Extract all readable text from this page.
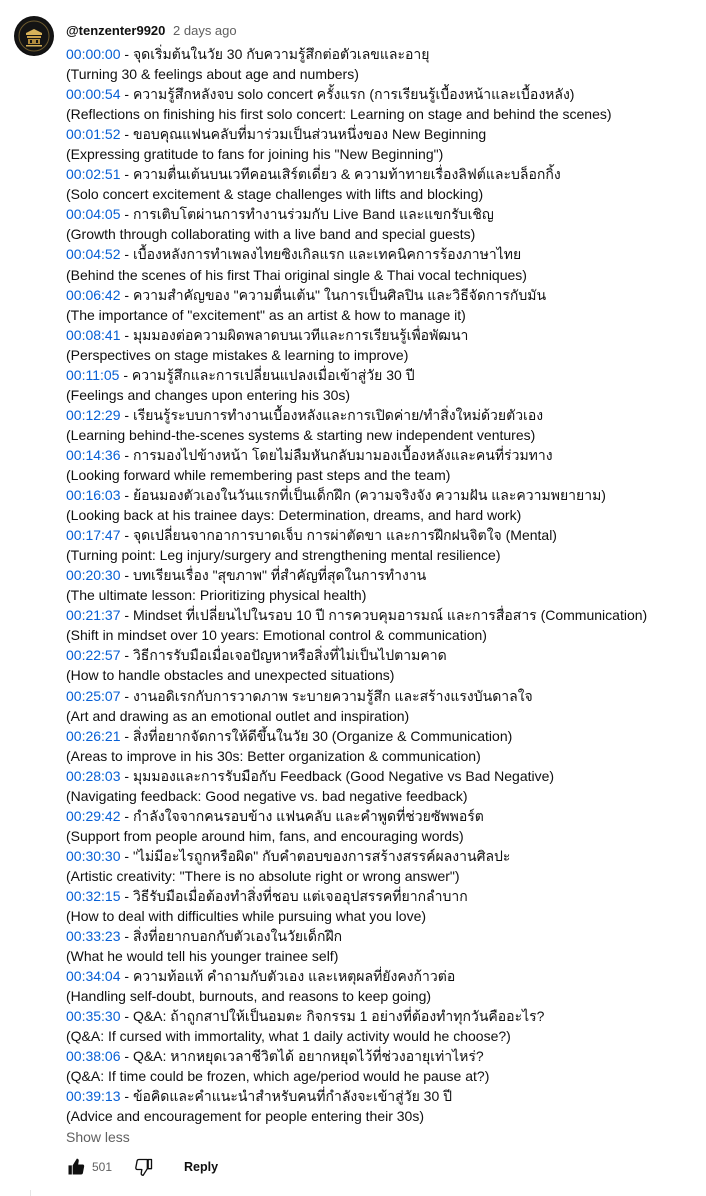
@tenzenter9920 2 days ago
00:00:00 - จุดเริ่มต้นในวัย 30 กับความรู้สึกต่อตัวเลขและอายุ
(Turning 30 & feelings about age and numbers)
00:00:54 - ความรู้สึกหลังจบ solo concert ครั้งแรก (การเรียนรู้เบื้องหน้าและเบื้องหลัง)
(Reflections on finishing his first solo concert: Learning on stage and behind the scenes)
00:01:52 - ขอบคุณแฟนคลับที่มาร่วมเป็นส่วนหนึ่งของ New Beginning
(Expressing gratitude to fans for joining his "New Beginning")
00:02:51 - ความตื่นเต้นบนเวทีคอนเสิร์ตเดี่ยว & ความท้าทายเรื่องลิฟต์และบล็อกกิ้ง
(Solo concert excitement & stage challenges with lifts and blocking)
00:04:05 - การเติบโตผ่านการทำงานร่วมกับ Live Band และแขกรับเชิญ
(Growth through collaborating with a live band and special guests)
00:04:52 - เบื้องหลังการทำเพลงไทยซิงเกิลแรก และเทคนิคการร้องภาษาไทย
(Behind the scenes of his first Thai original single & Thai vocal techniques)
00:06:42 - ความสำคัญของ "ความตื่นเต้น" ในการเป็นศิลปิน และวิธีจัดการกับมัน
(The importance of "excitement" as an artist & how to manage it)
00:08:41 - มุมมองต่อความผิดพลาดบนเวทีและการเรียนรู้เพื่อพัฒนา
(Perspectives on stage mistakes & learning to improve)
00:11:05 - ความรู้สึกและการเปลี่ยนแปลงเมื่อเข้าสู่วัย 30 ปี
(Feelings and changes upon entering his 30s)
00:12:29 - เรียนรู้ระบบการทำงานเบื้องหลังและการเปิดค่าย/ทำสิ่งใหม่ด้วยตัวเอง
(Learning behind-the-scenes systems & starting new independent ventures)
00:14:36 - การมองไปข้างหน้า โดยไม่ลืมหันกลับมามองเบื้องหลังและคนที่ร่วมทาง
(Looking forward while remembering past steps and the team)
00:16:03 - ย้อนมองตัวเองในวันแรกที่เป็นเด็กฝึก (ความจริงจัง ความฝัน และความพยายาม)
(Looking back at his trainee days: Determination, dreams, and hard work)
00:17:47 - จุดเปลี่ยนจากอาการบาดเจ็บ การผ่าตัดขา และการฝึกฝนจิตใจ (Mental)
(Turning point: Leg injury/surgery and strengthening mental resilience)
00:20:30 - บทเรียนเรื่อง "สุขภาพ" ที่สำคัญที่สุดในการทำงาน
(The ultimate lesson: Prioritizing physical health)
00:21:37 - Mindset ที่เปลี่ยนไปในรอบ 10 ปี การควบคุมอารมณ์ และการสื่อสาร (Communication)
(Shift in mindset over 10 years: Emotional control & communication)
00:22:57 - วิธีการรับมือเมื่อเจอปัญหาหรือสิ่งที่ไม่เป็นไปตามคาด
(How to handle obstacles and unexpected situations)
00:25:07 - งานอดิเรกกับการวาดภาพ ระบายความรู้สึก และสร้างแรงบันดาลใจ
(Art and drawing as an emotional outlet and inspiration)
00:26:21 - สิ่งที่อยากจัดการให้ดีขึ้นในวัย 30 (Organize & Communication)
(Areas to improve in his 30s: Better organization & communication)
00:28:03 - มุมมองและการรับมือกับ Feedback (Good Negative vs Bad Negative)
(Navigating feedback: Good negative vs. bad negative feedback)
00:29:42 - กำลังใจจากคนรอบข้าง แฟนคลับ และคำพูดที่ช่วยซัพพอร์ต
(Support from people around him, fans, and encouraging words)
00:30:30 - "ไม่มีอะไรถูกหรือผิด" กับคำตอบของการสร้างสรรค์ผลงานศิลปะ
(Artistic creativity: "There is no absolute right or wrong answer")
00:32:15 - วิธีรับมือเมื่อต้องทำสิ่งที่ชอบ แต่เจออุปสรรคที่ยากลำบาก
(How to deal with difficulties while pursuing what you love)
00:33:23 - สิ่งที่อยากบอกกับตัวเองในวัยเด็กฝึก
(What he would tell his younger trainee self)
00:34:04 - ความท้อแท้ คำถามกับตัวเอง และเหตุผลที่ยังคงก้าวต่อ
(Handling self-doubt, burnouts, and reasons to keep going)
00:35:30 - Q&A: ถ้าถูกสาปให้เป็นอมตะ กิจกรรม 1 อย่างที่ต้องทำทุกวันคืออะไร?
(Q&A: If cursed with immortality, what 1 daily activity would he choose?)
00:38:06 - Q&A: หากหยุดเวลาชีวิตได้ อยากหยุดไว้ที่ช่วงอายุเท่าไหร่?
(Q&A: If time could be frozen, which age/period would he pause at?)
00:39:13 - ข้อคิดและคำแนะนำสำหรับคนที่กำลังจะเข้าสู่วัย 30 ปี
(Advice and encouragement for people entering their 30s)
Show less
501	Reply
